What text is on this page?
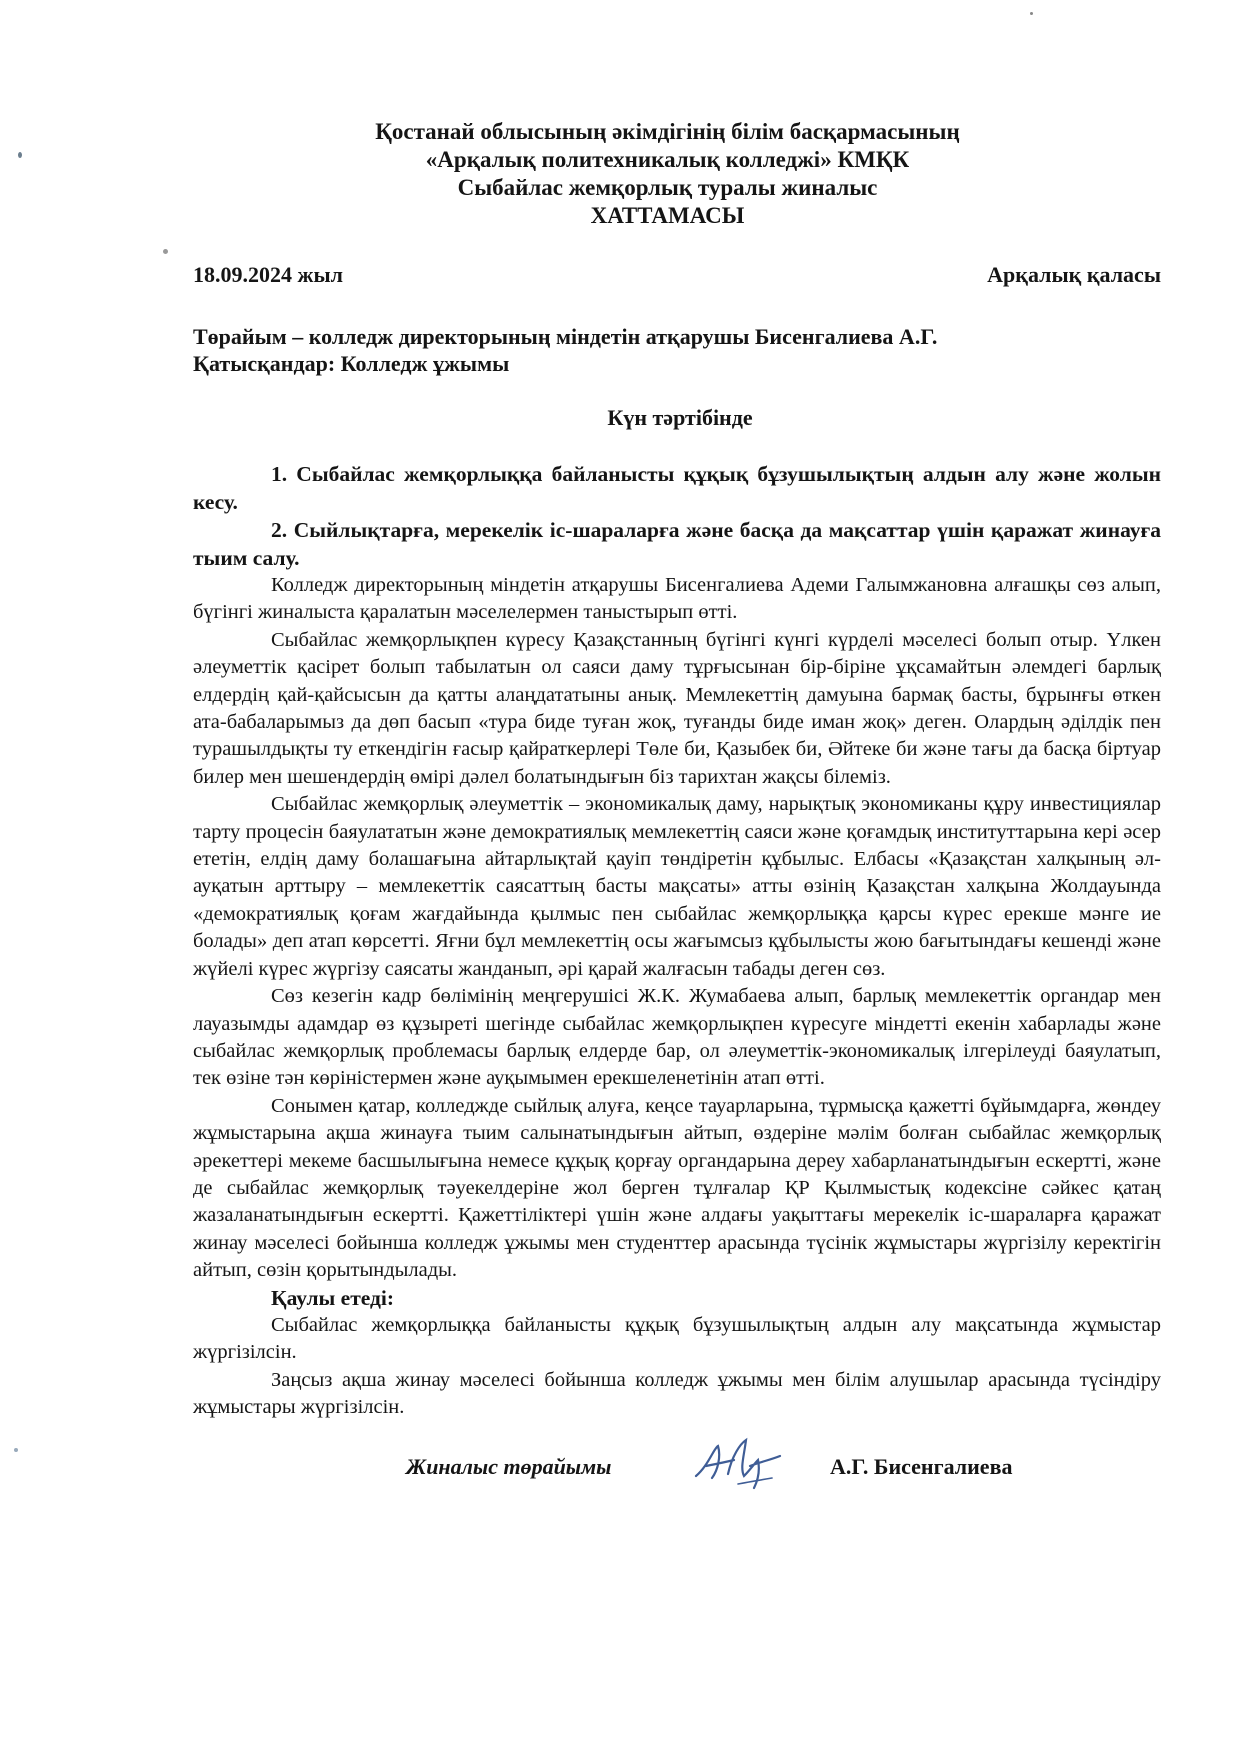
Қостанай облысының әкімдігінің білім басқармасының
«Арқалық политехникалық колледжі» КМҚК
Сыбайлас жемқорлық туралы жиналыс
ХАТТАМАСЫ
18.09.2024 жыл	Арқалық қаласы
Төрайым – колледж директорының міндетін атқарушы Бисенгалиева А.Г.
Қатысқандар: Колледж ұжымы
Күн тәртібінде

1. Сыбайлас жемқорлыққа байланысты құқық бұзушылықтың алдын алу және жолын кесу.

2. Сыйлықтарға, мерекелік іс-шараларға және басқа да мақсаттар үшін қаражат жинауға тыим салу.

Колледж директорының міндетін атқарушы Бисенгалиева Адеми Галымжановна алғашқы сөз алып, бүгінгі жиналыста қаралатын мәселелермен таныстырып өтті.

Сыбайлас жемқорлықпен күресу Қазақстанның бүгінгі күнгі күрделі мәселесі болып отыр. Үлкен әлеуметтік қасірет болып табылатын ол саяси даму тұрғысынан бір-біріне ұқсамайтын әлемдегі барлық елдердің қай-қайсысын да қатты алаңдататыны анық. Мемлекеттің дамуына бармақ басты, бұрынғы өткен ата-бабаларымыз да дөп басып «тура биде туған жоқ, туғанды биде иман жоқ» деген. Олардың әділдік пен турашылдықты ту еткендігін ғасыр қайраткерлері Төле би, Қазыбек би, Әйтеке би және тағы да басқа біртуар билер мен шешендердің өмірі дәлел болатындығын біз тарихтан жақсы білеміз.

Сыбайлас жемқорлық әлеуметтік – экономикалық даму, нарықтық экономиканы құру инвестициялар тарту процесін баяулататын және демократиялық мемлекеттің саяси және қоғамдық институттарына кері әсер ететін, елдің даму болашағына айтарлықтай қауіп төндіретін құбылыс. Елбасы «Қазақстан халқының әл-ауқатын арттыру – мемлекеттік саясаттың басты мақсаты» атты өзінің Қазақстан халқына Жолдауында «демократиялық қоғам жағдайында қылмыс пен сыбайлас жемқорлыққа қарсы күрес ерекше мәнге ие болады» деп атап көрсетті. Яғни бұл мемлекеттің осы жағымсыз құбылысты жою бағытындағы кешенді және жүйелі күрес жүргізу саясаты жанданып, әрі қарай жалғасын табады деген сөз.

Сөз кезегін кадр бөлімінің меңгерушісі Ж.К. Жумабаева алып, барлық мемлекеттік органдар мен лауазымды адамдар өз құзыреті шегінде сыбайлас жемқорлықпен күресуге міндетті екенін хабарлады және сыбайлас жемқорлық проблемасы барлық елдерде бар, ол әлеуметтік-экономикалық ілгерілеуді баяулатып, тек өзіне тән көріністермен және ауқымымен ерекшеленетінін атап өтті.

Сонымен қатар, колледжде сыйлық алуға, кеңсе тауарларына, тұрмысқа қажетті бұйымдарға, жөндеу жұмыстарына ақша жинауға тыим салынатындығын айтып, өздеріне мәлім болған сыбайлас жемқорлық әрекеттері мекеме басшылығына немесе құқық қорғау органдарына дереу хабарланатындығын ескертті, және де сыбайлас жемқорлық тәуекелдеріне жол берген тұлғалар ҚР Қылмыстық кодексіне сәйкес қатаң жазаланатындығын ескертті. Қажеттіліктері үшін және алдағы уақыттағы мерекелік іс-шараларға қаражат жинау мәселесі бойынша колледж ұжымы мен студенттер арасында түсінік жұмыстары жүргізілу керектігін айтып, сөзін қорытындылады.

Қаулы етеді:

Сыбайлас жемқорлыққа байланысты құқық бұзушылықтың алдын алу мақсатында жұмыстар жүргізілсін.

Заңсыз ақша жинау мәселесі бойынша колледж ұжымы мен білім алушылар арасында түсіндіру жұмыстары жүргізілсін.

Жиналыс төрайымы	А.Г. Бисенгалиева
